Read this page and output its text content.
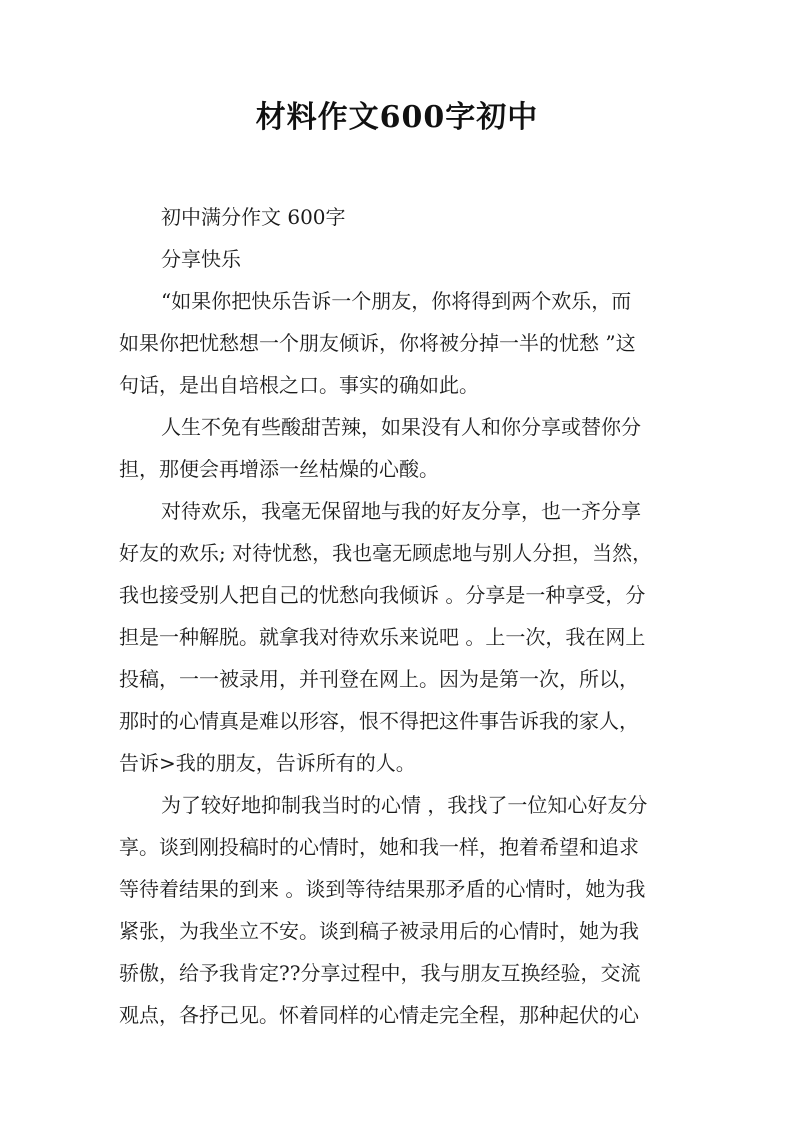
材料作文600字初中
初中满分作文 600字
分享快乐
“如果你把快乐告诉一个朋友，你将得到两个欢乐，而
如果你把忧愁想一个朋友倾诉，你将被分掉一半的忧愁 ”这
句话，是出自培根之口。事实的确如此。
人生不免有些酸甜苦辣，如果没有人和你分享或替你分
担，那便会再增添一丝枯燥的心酸。
对待欢乐，我毫无保留地与我的好友分享，也一齐分享
好友的欢乐; 对待忧愁，我也毫无顾虑地与别人分担，当然，
我也接受别人把自己的忧愁向我倾诉 。分享是一种享受，分
担是一种解脱。就拿我对待欢乐来说吧 。上一次，我在网上
投稿，一一被录用，并刊登在网上。因为是第一次，所以，
那时的心情真是难以形容，恨不得把这件事告诉我的家人，
告诉>我的朋友，告诉所有的人。
为了较好地抑制我当时的心情 ，我找了一位知心好友分
享。谈到刚投稿时的心情时，她和我一样，抱着希望和追求
等待着结果的到来 。谈到等待结果那矛盾的心情时，她为我
紧张，为我坐立不安。谈到稿子被录用后的心情时，她为我
骄傲，给予我肯定??分享过程中，我与朋友互换经验，交流
观点，各抒己见。怀着同样的心情走完全程，那种起伏的心
